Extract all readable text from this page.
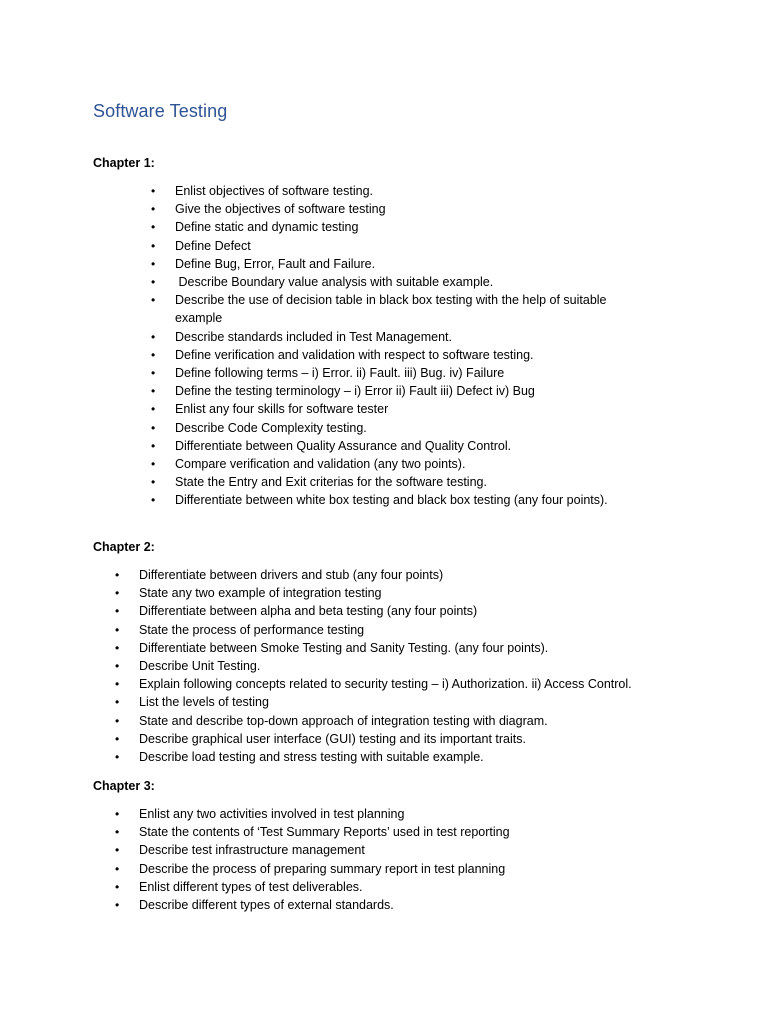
Software Testing
Chapter 1:
• Enlist objectives of software testing.
• Give the objectives of software testing
• Define static and dynamic testing
• Define Defect
• Define Bug, Error, Fault and Failure.
• Describe Boundary value analysis with suitable example.
• Describe the use of decision table in black box testing with the help of suitable example
• Describe standards included in Test Management.
• Define verification and validation with respect to software testing.
• Define following terms – i) Error. ii) Fault. iii) Bug. iv) Failure
• Define the testing terminology – i) Error ii) Fault iii) Defect iv) Bug
• Enlist any four skills for software tester
• Describe Code Complexity testing.
• Differentiate between Quality Assurance and Quality Control.
• Compare verification and validation (any two points).
• State the Entry and Exit criterias for the software testing.
• Differentiate between white box testing and black box testing (any four points).
Chapter 2:
• Differentiate between drivers and stub (any four points)
• State any two example of integration testing
• Differentiate between alpha and beta testing (any four points)
• State the process of performance testing
• Differentiate between Smoke Testing and Sanity Testing. (any four points).
• Describe Unit Testing.
• Explain following concepts related to security testing – i) Authorization. ii) Access Control.
• List the levels of testing
• State and describe top-down approach of integration testing with diagram.
• Describe graphical user interface (GUI) testing and its important traits.
• Describe load testing and stress testing with suitable example.
Chapter 3:
• Enlist any two activities involved in test planning
• State the contents of ‘Test Summary Reports’ used in test reporting
• Describe test infrastructure management
• Describe the process of preparing summary report in test planning
• Enlist different types of test deliverables.
• Describe different types of external standards.
